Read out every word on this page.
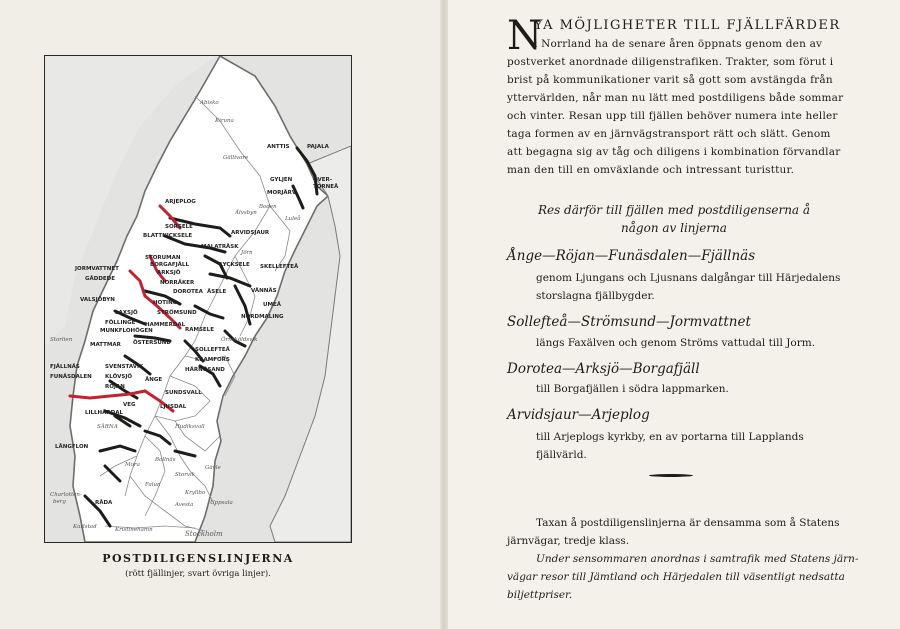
Abisko
Kiruna
Gällivare
ANTTIS	PAJALA
ÖVER-
TORNEÅ
GYLJEN
MORJÄRV
Boden
ARJEPLOG
Älvsbyn
Luleå
SORSELE
ARVIDSJAUR
BLATTNICKSELE
MALATRÄSK
Jörn
STORUMAN
SKELLEFTEÅ
BORGAFJÄLL
ARKSJÖ
LYCKSELE
JORMVATTNET
GÄDDEDE
NORRÅKER
DOROTEA ÅSELE	VÄNNÄS
VALSJÖBYN	HOTING	UMEÅ
LAXSJÖ	STRÖMSUND
NORDMALING
FÖLLINGE
MUNKFLOHÖGEN
HAMMERDAL
RAMSELE
Örnsköldsvik
Storlien
MATTMAR ÖSTERSUND
SOLLEFTEÅ
KRAMFORS
FJÄLLNÄS	SVENSTAVIK	HÄRNÖSAND
FUNÄSDALEN KLÖVSJÖ ÅNGE
RÖJAN
SUNDSVALL
VEG	LJUSDAL
LILLHÄRDAL
SÄRNA	Hudiksvall
LÅNGFLON
Mora
Bollnäs
Storvik
Gävle
Falun
Kryllbo
Avesta	Uppsala
Charlotten-
berg	RÅDA
Karlstad	Kristinehamn	Stockholm
POSTDILIGENSLINJERNA
(rött fjällinjer, svart övriga linjer).
N
YA MÖJLIGHETER TILL FJÄLLFÄRDER
i Norrland ha de senare åren öppnats genom den av
postverket anordnade diligenstrafiken. Trakter, som förut i
brist på kommunikationer varit så gott som avstängda från
yttervärlden, når man nu lätt med postdiligens både sommar
och vinter. Resan upp till fjällen behöver numera inte heller
taga formen av en järnvägstransport rätt och slätt. Genom
att begagna sig av tåg och diligens i kombination förvandlar
man den till en omväxlande och intressant turisttur.
Res därför till fjällen med postdiligenserna å
någon av linjerna
Ånge—Röjan—Funäsdalen—Fjällnäs
genom Ljungans och Ljusnans dalgångar till Härjedalens
storslagna fjällbygder.
Sollefteå—Strömsund—Jormvattnet
längs Faxälven och genom Ströms vattudal till Jorm.
Dorotea—Arksjö—Borgafjäll
till Borgafjällen i södra lappmarken.
Arvidsjaur—Arjeplog
till Arjeplogs kyrkby, en av portarna till Lapplands
fjällvärld.
Taxan å postdiligenslinjerna är densamma som å Statens
järnvägar, tredje klass.
Under sensommaren anordnas i samtrafik med Statens järn-
vägar resor till Jämtland och Härjedalen till väsentligt nedsatta
biljettpriser.
